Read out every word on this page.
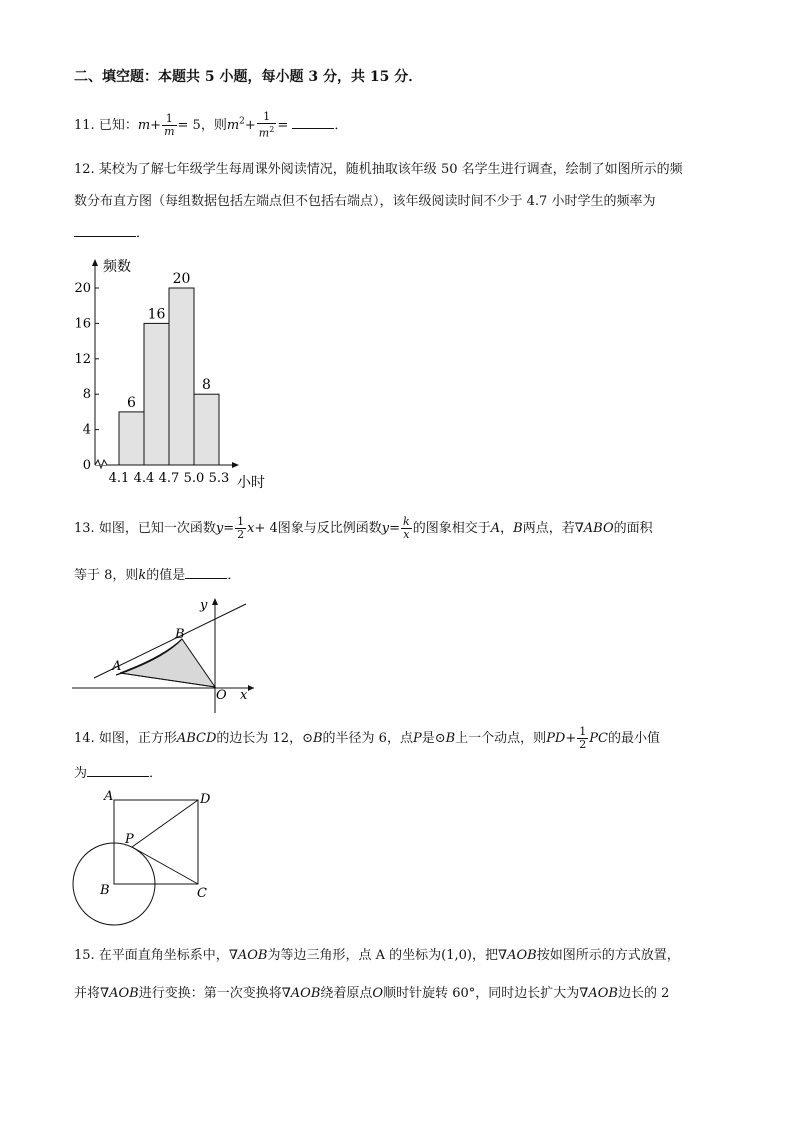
二、填空题：本题共 5 小题，每小题 3 分，共 15 分．
11. 已知：$m+ \frac{1}{m} = 5$，则$m^2+ \frac{1}{m^2}$ =	．
12. 某校为了解七年级学生每周课外阅读情况，随机抽取该年级 50 名学生进行调查，绘制了如图所示的频
数分布直方图（每组数据包括左端点但不包括右端点），该年级阅读时间不少于 4.7 小时学生的频率为
．
0
4
8
12
16
20
6
16
20
8
4.1 4.4 4.7 5.0 5.3
频数
小时
13. 如图，已知一次函数$y= \frac{1}{2} x+ 4$图象与反比例函数$y= \frac{k}{x}$ 的图象相交于A，B两点，若∇ABO的面积
等于 8，则k的值是	．
y
x
O
A
B
14. 如图，正方形ABCD的边长为 12，⊙B的半径为 6，点P是⊙B上一个动点，则$PD+ \frac{1}{2}$ PC的最小值
为	．
A	D
P
B	C
15. 在平面直角坐标系中，∇AOB为等边三角形，点 A 的坐标为(1,0)，把∇AOB按如图所示的方式放置，
并将∇AOB进行变换：第一次变换将∇AOB绕着原点O顺时针旋转 60°，同时边长扩大为∇AOB边长的 2
